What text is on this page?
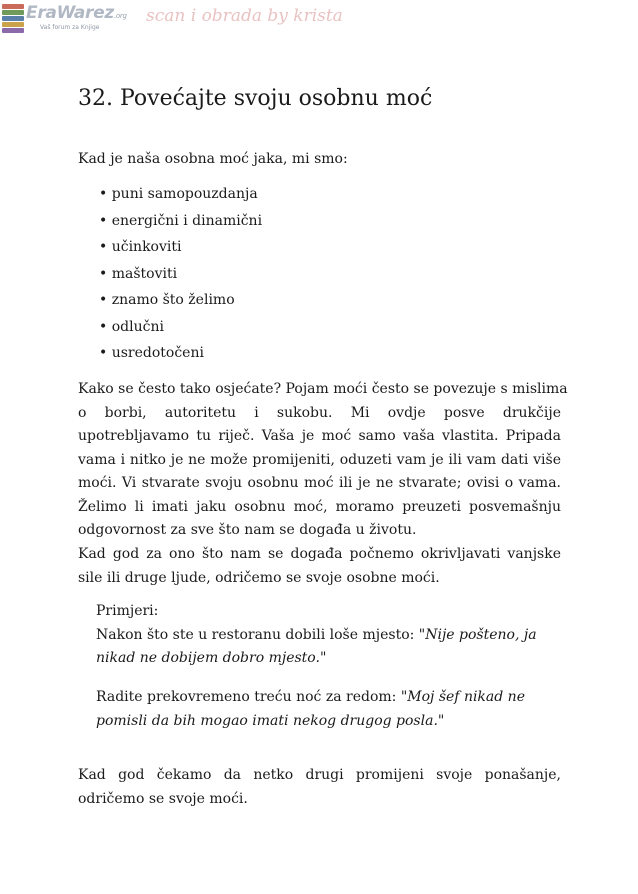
EraWarez.org
Vaš forum za Knjige
scan i obrada by krista
32. Povećajte svoju osobnu moć
Kad je naša osobna moć jaka, mi smo:
• puni samopouzdanja
• energični i dinamični
• učinkoviti
• maštoviti
• znamo što želimo
• odlučni
• usredotočeni
Kako se često tako osjećate? Pojam moći često se povezuje s mislima
o borbi, autoritetu i sukobu. Mi ovdje posve drukčije
upotrebljavamo tu riječ. Vaša je moć samo vaša vlastita. Pripada
vama i nitko je ne može promijeniti, oduzeti vam je ili vam dati više
moći. Vi stvarate svoju osobnu moć ili je ne stvarate; ovisi o vama.
Želimo li imati jaku osobnu moć, moramo preuzeti posvemašnju
odgovornost za sve što nam se događa u životu.
Kad god za ono što nam se događa počnemo okrivljavati vanjske
sile ili druge ljude, odričemo se svoje osobne moći.
Primjeri:
Nakon što ste u restoranu dobili loše mjesto: "Nije pošteno, ja
nikad ne dobijem dobro mjesto."
Radite prekovremeno treću noć za redom: "Moj šef nikad ne
pomisli da bih mogao imati nekog drugog posla."
Kad god čekamo da netko drugi promijeni svoje ponašanje,
odričemo se svoje moći.
